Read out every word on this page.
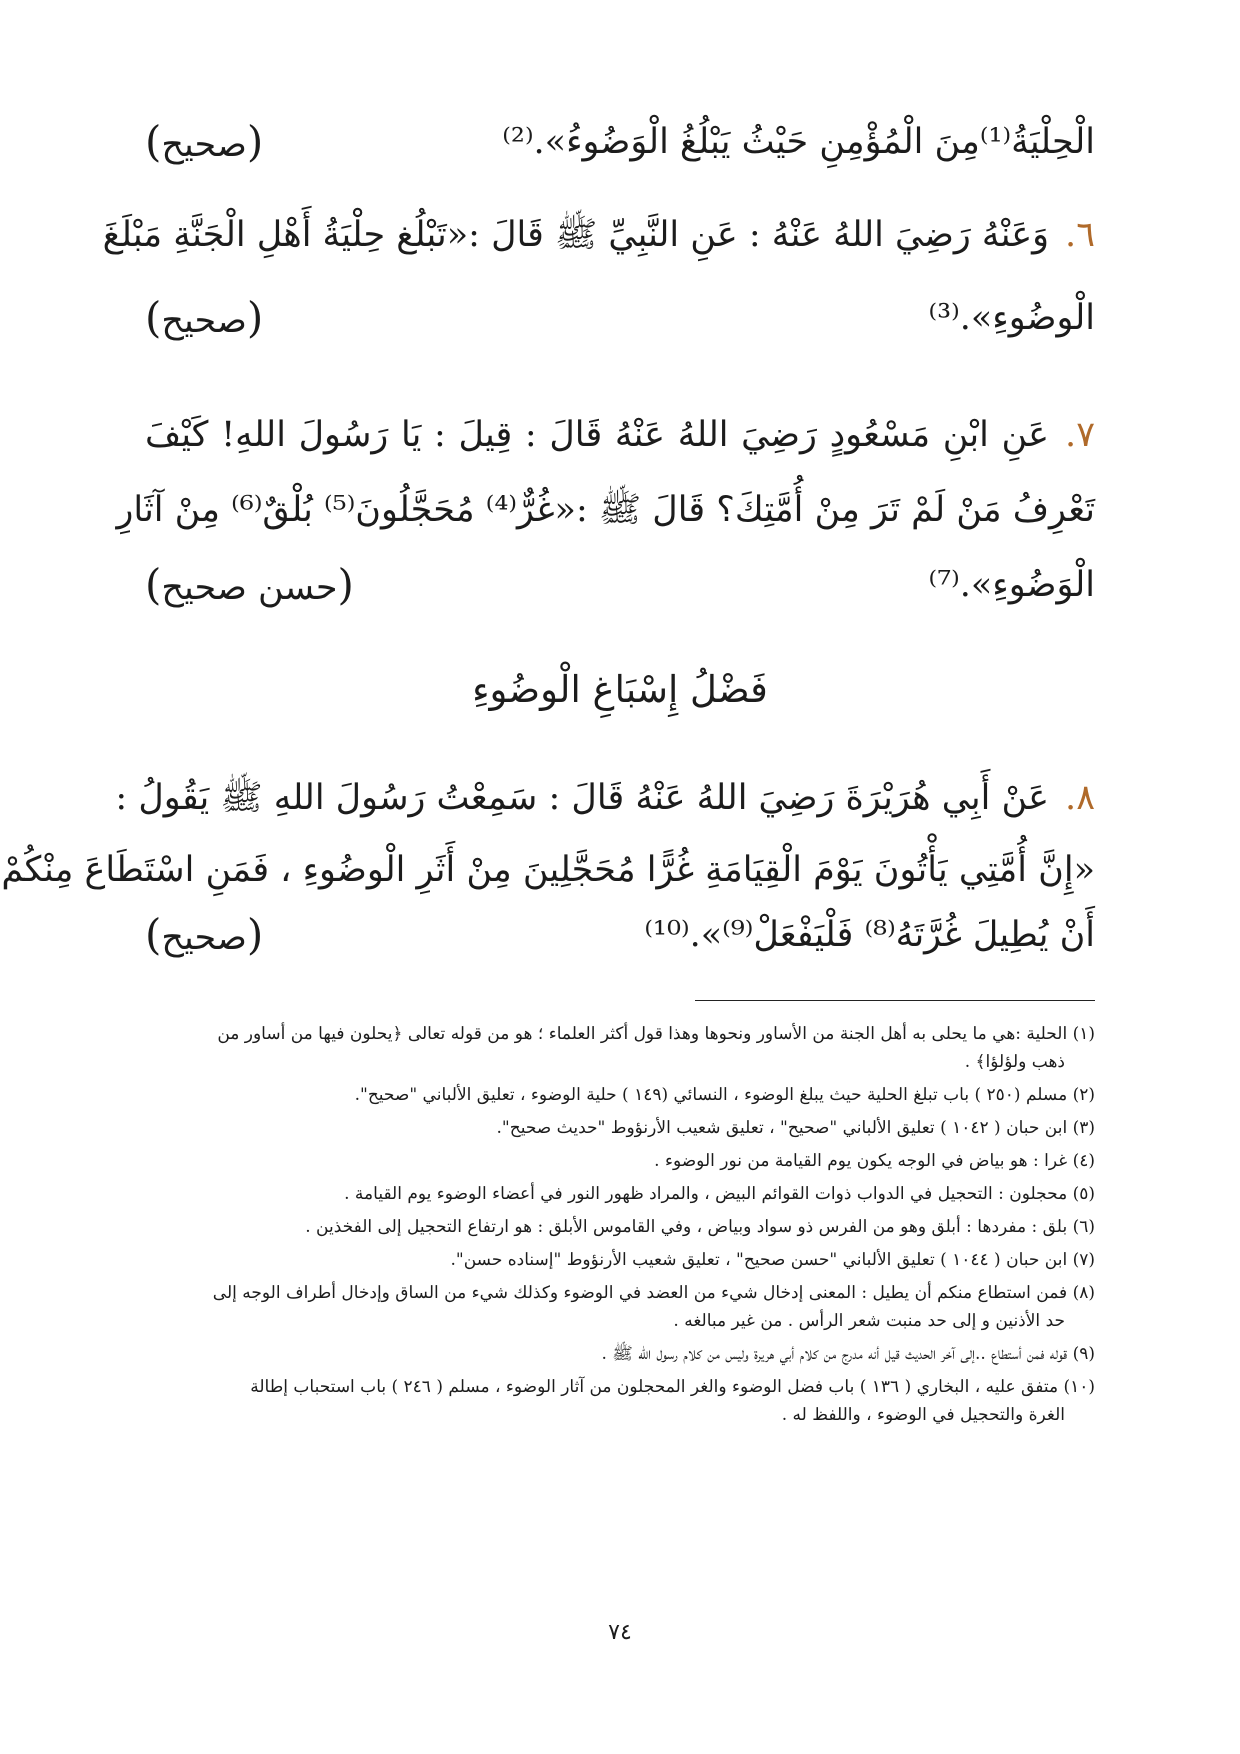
الْحِلْيَةُ⁽¹⁾مِنَ الْمُؤْمِنِ حَيْثُ يَبْلُغُ الْوَضُوءُ».⁽²⁾
(صحيح)
٦.وَعَنْهُ رَضِيَ اللهُ عَنْهُ : عَنِ النَّبِيِّ ﷺ قَالَ :«تَبْلُغ حِلْيَةُ أَهْلِ الْجَنَّةِ مَبْلَغَ
الْوضُوءِ».⁽³⁾
(صحيح)
٧.عَنِ ابْنِ مَسْعُودٍ رَضِيَ اللهُ عَنْهُ قَالَ : قِيلَ : يَا رَسُولَ اللهِ! كَيْفَ
تَعْرِفُ مَنْ لَمْ تَرَ مِنْ أُمَّتِكَ؟ قَالَ ﷺ :«غُرٌّ⁽⁴⁾ مُحَجَّلُونَ⁽⁵⁾ بُلْقٌ⁽⁶⁾ مِنْ آثَارِ
الْوَضُوءِ».⁽⁷⁾
(حسن صحيح)
فَضْلُ إِسْبَاغِ الْوضُوءِ
٨.عَنْ أَبِي هُرَيْرَةَ رَضِيَ اللهُ عَنْهُ قَالَ : سَمِعْتُ رَسُولَ اللهِ ﷺ يَقُولُ :
«إِنَّ أُمَّتِي يَأْتُونَ يَوْمَ الْقِيَامَةِ غُرًّا مُحَجَّلِينَ مِنْ أَثَرِ الْوضُوءِ ، فَمَنِ اسْتَطَاعَ مِنْكُمْ
أَنْ يُطِيلَ غُرَّتَهُ⁽⁸⁾ فَلْيَفْعَلْ⁽⁹⁾».⁽¹⁰⁾
(صحيح)
(١) الحلية :هي ما يحلى به أهل الجنة من الأساور ونحوها وهذا قول أكثر العلماء ؛ هو من قوله تعالى ﴿يحلون فيها من أساور من
ذهب ولؤلؤا﴾ .
(٢) مسلم (٢٥٠ ) باب تبلغ الحلية حيث يبلغ الوضوء ، النسائي (١٤٩ ) حلية الوضوء ، تعليق الألباني "صحيح".
(٣) ابن حبان ( ١٠٤٢ ) تعليق الألباني "صحيح" ، تعليق شعيب الأرنؤوط "حديث صحيح".
(٤) غرا : هو بياض في الوجه يكون يوم القيامة من نور الوضوء .
(٥) محجلون : التحجيل في الدواب ذوات القوائم البيض ، والمراد ظهور النور في أعضاء الوضوء يوم القيامة .
(٦) بلق : مفردها : أبلق وهو من الفرس ذو سواد وبياض ، وفي القاموس الأبلق : هو ارتفاع التحجيل إلى الفخذين .
(٧) ابن حبان ( ١٠٤٤ ) تعليق الألباني "حسن صحيح" ، تعليق شعيب الأرنؤوط "إسناده حسن".
(٨) فمن استطاع منكم أن يطيل : المعنى إدخال شيء من العضد في الوضوء وكذلك شيء من الساق وإدخال أطراف الوجه إلى
حد الأذنين و إلى حد منبت شعر الرأس . من غير مبالغه .
(٩) قوله فمن أستطاع ..إلى آخر الحديث قيل أنه مدرج من كلام أبي هريرة وليس من كلام رسول الله ﷺ .
(١٠) متفق عليه ، البخاري ( ١٣٦ ) باب فضل الوضوء والغر المحجلون من آثار الوضوء ، مسلم ( ٢٤٦ ) باب استحباب إطالة
الغرة والتحجيل في الوضوء ، واللفظ له .
٧٤
